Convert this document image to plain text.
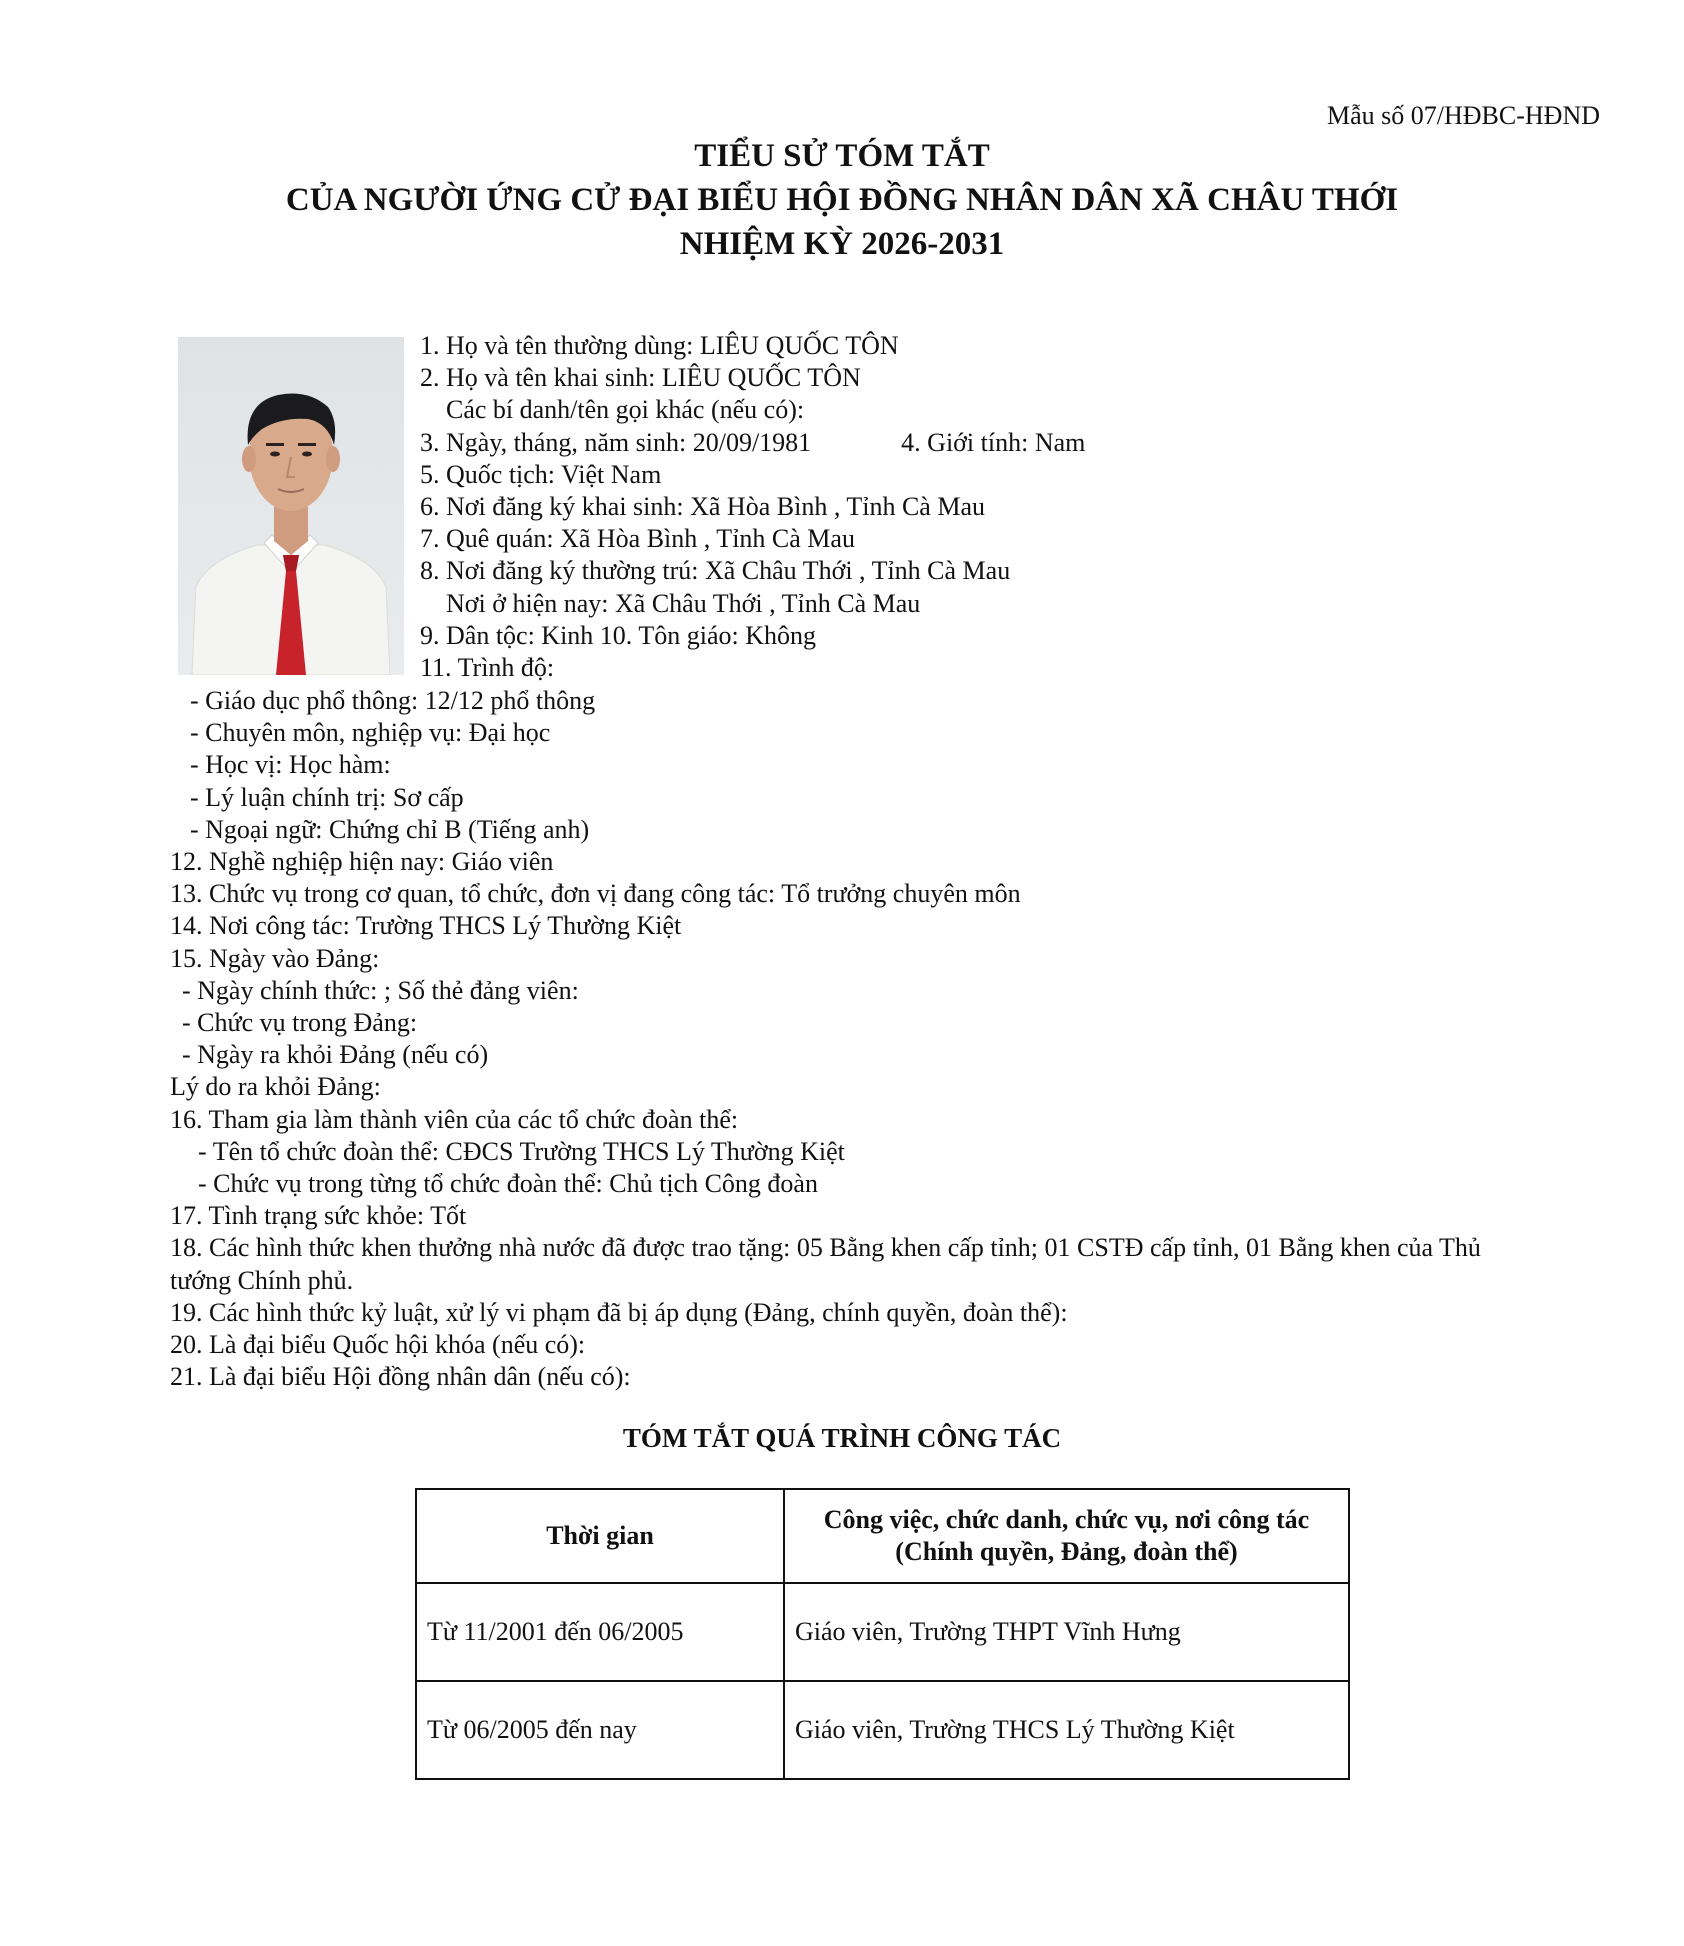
Mẫu số 07/HĐBC-HĐND
TIỂU SỬ TÓM TẮT
CỦA NGƯỜI ỨNG CỬ ĐẠI BIỂU HỘI ĐỒNG NHÂN DÂN XÃ CHÂU THỚI
NHIỆM KỲ 2026-2031
1. Họ và tên thường dùng: LIÊU QUỐC TÔN
2. Họ và tên khai sinh: LIÊU QUỐC TÔN
Các bí danh/tên gọi khác (nếu có):
3. Ngày, tháng, năm sinh: 20/09/1981	4. Giới tính: Nam
5. Quốc tịch: Việt Nam
6. Nơi đăng ký khai sinh: Xã Hòa Bình , Tỉnh Cà Mau
7. Quê quán: Xã Hòa Bình , Tỉnh Cà Mau
8. Nơi đăng ký thường trú: Xã Châu Thới , Tỉnh Cà Mau
Nơi ở hiện nay: Xã Châu Thới , Tỉnh Cà Mau
9. Dân tộc: Kinh 10. Tôn giáo: Không
11. Trình độ:
- Giáo dục phổ thông: 12/12 phổ thông
- Chuyên môn, nghiệp vụ: Đại học
- Học vị: Học hàm:
- Lý luận chính trị: Sơ cấp
- Ngoại ngữ: Chứng chỉ B (Tiếng anh)
12. Nghề nghiệp hiện nay: Giáo viên
13. Chức vụ trong cơ quan, tổ chức, đơn vị đang công tác: Tổ trưởng chuyên môn
14. Nơi công tác: Trường THCS Lý Thường Kiệt
15. Ngày vào Đảng:
- Ngày chính thức: ; Số thẻ đảng viên:
- Chức vụ trong Đảng:
- Ngày ra khỏi Đảng (nếu có)
Lý do ra khỏi Đảng:
16. Tham gia làm thành viên của các tổ chức đoàn thể:
- Tên tổ chức đoàn thể: CĐCS Trường THCS Lý Thường Kiệt
- Chức vụ trong từng tổ chức đoàn thể: Chủ tịch Công đoàn
17. Tình trạng sức khỏe: Tốt
18. Các hình thức khen thưởng nhà nước đã được trao tặng: 05 Bằng khen cấp tỉnh; 01 CSTĐ cấp tỉnh, 01 Bằng khen của Thủ
tướng Chính phủ.
19. Các hình thức kỷ luật, xử lý vi phạm đã bị áp dụng (Đảng, chính quyền, đoàn thể):
20. Là đại biểu Quốc hội khóa (nếu có):
21. Là đại biểu Hội đồng nhân dân (nếu có):
TÓM TẮT QUÁ TRÌNH CÔNG TÁC
Thời gian	Công việc, chức danh, chức vụ, nơi công tác
(Chính quyền, Đảng, đoàn thể)

Từ 11/2001 đến 06/2005	Giáo viên, Trường THPT Vĩnh Hưng
Từ 06/2005 đến nay	Giáo viên, Trường THCS Lý Thường Kiệt
